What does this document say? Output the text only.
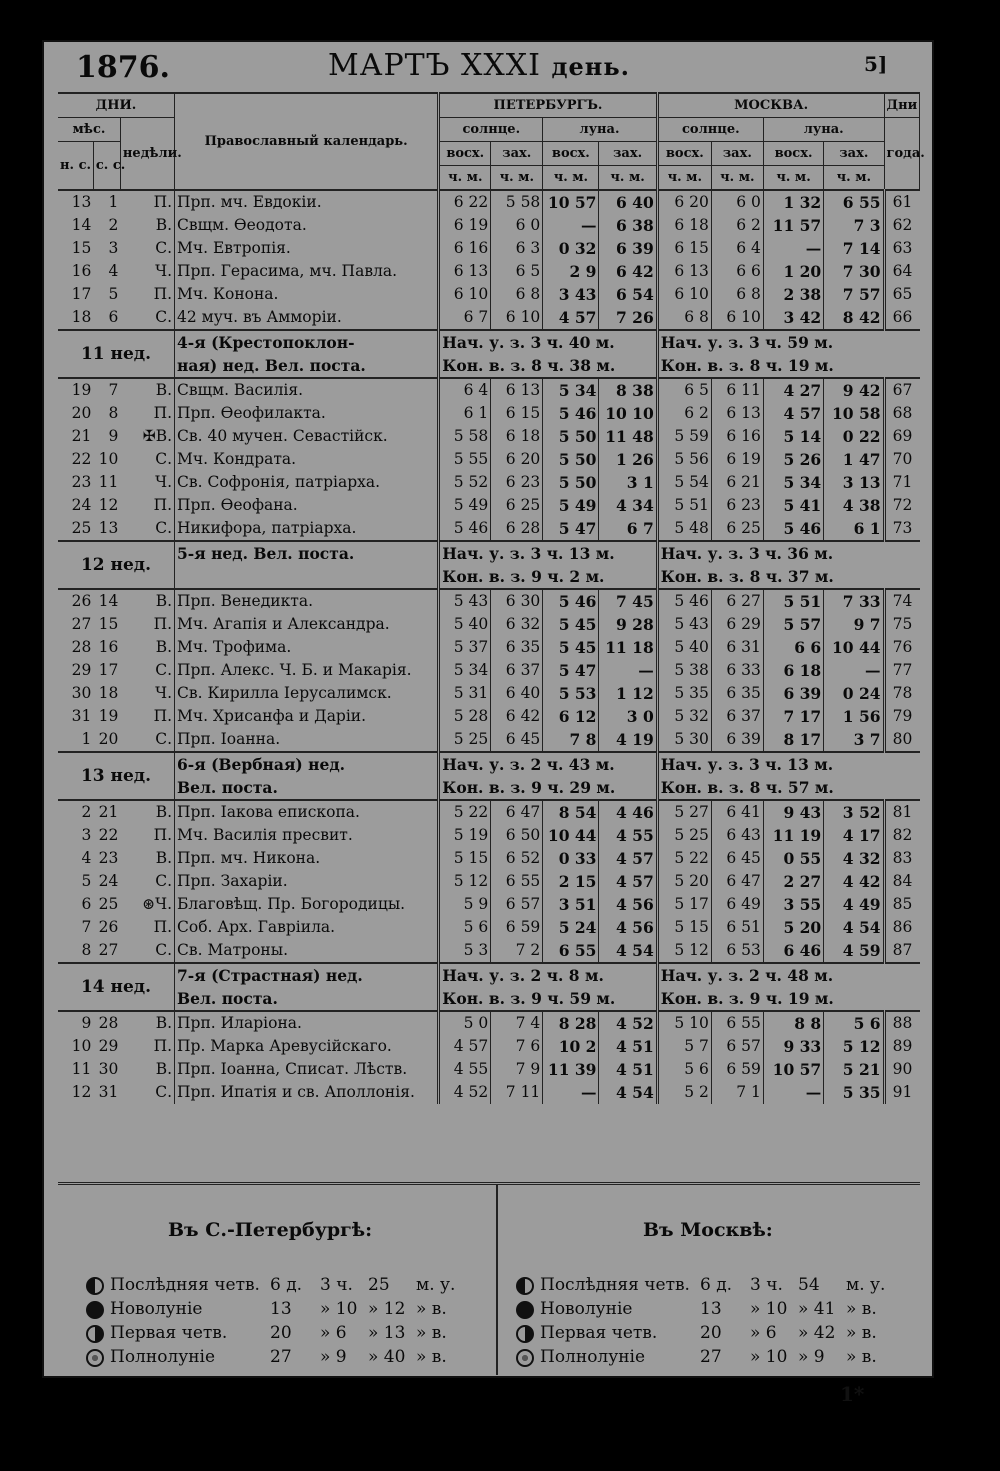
1876.	МАРТЪ XXXI день.	5]
ДНИ.			Православный календарь.	ПЕТЕРБУРГЪ.				МОСКВА.				Дни
мѣс.		недѣли.		солнце.		луна.		солнце.		луна.		года.
н. с.	с. с.			восх.	зах.	восх.	зах.	восх.	зах.	восх.	зах.	
				ч. м.	ч. м.	ч. м.	ч. м.	ч. м.	ч. м.	ч. м.	ч. м.	
13	1	П.	Прп. мч. Евдокiи.	6 22	5 58	10 57	6 40	6 20	6 0	1 32	6 55	61
14	2	В.	Свщм. Ѳеодота.	6 19	6 0	—	6 38	6 18	6 2	11 57	7 3	62
15	3	С.	Мч. Евтропiя.	6 16	6 3	0 32	6 39	6 15	6 4	—	7 14	63
16	4	Ч.	Прп. Герасима, мч. Павла.	6 13	6 5	2 9	6 42	6 13	6 6	1 20	7 30	64
17	5	П.	Мч. Конона.	6 10	6 8	3 43	6 54	6 10	6 8	2 38	7 57	65
18	6	С.	42 муч. въ Амморiи.	6 7	6 10	4 57	7 26	6 8	6 10	3 42	8 42	66
11 нед.			4-я (Крестопоклон-	Нач. у. з. 3 ч. 40 м.				Нач. у. з. 3 ч. 59 м.				
			ная) нед. Вел. поста.	Кон. в. з. 8 ч. 38 м.				Кон. в. з. 8 ч. 19 м.				
19	7	В.	Свщм. Василiя.	6 4	6 13	5 34	8 38	6 5	6 11	4 27	9 42	67
20	8	П.	Прп. Ѳеофилакта.	6 1	6 15	5 46	10 10	6 2	6 13	4 57	10 58	68
21	9	✠В.	Св. 40 мучен. Севастiйск.	5 58	6 18	5 50	11 48	5 59	6 16	5 14	0 22	69
22	10	С.	Мч. Кондрата.	5 55	6 20	5 50	1 26	5 56	6 19	5 26	1 47	70
23	11	Ч.	Св. Софронiя, патрiарха.	5 52	6 23	5 50	3 1	5 54	6 21	5 34	3 13	71
24	12	П.	Прп. Ѳеофана.	5 49	6 25	5 49	4 34	5 51	6 23	5 41	4 38	72
25	13	С.	Никифора, патрiарха.	5 46	6 28	5 47	6 7	5 48	6 25	5 46	6 1	73
12 нед.			5-я нед. Вел. поста.	Нач. у. з. 3 ч. 13 м.				Нач. у. з. 3 ч. 36 м.				
				Кон. в. з. 9 ч. 2 м.				Кон. в. з. 8 ч. 37 м.				
26	14	В.	Прп. Венедикта.	5 43	6 30	5 46	7 45	5 46	6 27	5 51	7 33	74
27	15	П.	Мч. Агапiя и Александра.	5 40	6 32	5 45	9 28	5 43	6 29	5 57	9 7	75
28	16	В.	Мч. Трофима.	5 37	6 35	5 45	11 18	5 40	6 31	6 6	10 44	76
29	17	С.	Прп. Алекс. Ч. Б. и Макарiя.	5 34	6 37	5 47	—	5 38	6 33	6 18	—	77
30	18	Ч.	Св. Кирилла Iерусалимск.	5 31	6 40	5 53	1 12	5 35	6 35	6 39	0 24	78
31	19	П.	Мч. Хрисанфа и Дарiи.	5 28	6 42	6 12	3 0	5 32	6 37	7 17	1 56	79
1	20	С.	Прп. Iоанна.	5 25	6 45	7 8	4 19	5 30	6 39	8 17	3 7	80
13 нед.			6-я (Вербная) нед.	Нач. у. з. 2 ч. 43 м.				Нач. у. з. 3 ч. 13 м.				
			Вел. поста.	Кон. в. з. 9 ч. 29 м.				Кон. в. з. 8 ч. 57 м.				
2	21	В.	Прп. Iакова епископа.	5 22	6 47	8 54	4 46	5 27	6 41	9 43	3 52	81
3	22	П.	Мч. Василiя пресвит.	5 19	6 50	10 44	4 55	5 25	6 43	11 19	4 17	82
4	23	В.	Прп. мч. Никона.	5 15	6 52	0 33	4 57	5 22	6 45	0 55	4 32	83
5	24	С.	Прп. Захарiи.	5 12	6 55	2 15	4 57	5 20	6 47	2 27	4 42	84
6	25	⊛Ч.	Благовѣщ. Пр. Богородицы.	5 9	6 57	3 51	4 56	5 17	6 49	3 55	4 49	85
7	26	П.	Соб. Арх. Гаврiила.	5 6	6 59	5 24	4 56	5 15	6 51	5 20	4 54	86
8	27	С.	Св. Матроны.	5 3	7 2	6 55	4 54	5 12	6 53	6 46	4 59	87
14 нед.			7-я (Страстная) нед.	Нач. у. з. 2 ч. 8 м.				Нач. у. з. 2 ч. 48 м.				
			Вел. поста.	Кон. в. з. 9 ч. 59 м.				Кон. в. з. 9 ч. 19 м.				
9	28	В.	Прп. Иларiона.	5 0	7 4	8 28	4 52	5 10	6 55	8 8	5 6	88
10	29	П.	Пр. Марка Аревусiйскаго.	4 57	7 6	10 2	4 51	5 7	6 57	9 33	5 12	89
11	30	В.	Прп. Iоанна, Списат. Лѣств.	4 55	7 9	11 39	4 51	5 6	6 59	10 57	5 21	90
12	31	С.	Прп. Ипатiя и св. Аполлонiя.	4 52	7 11	—	4 54	5 2	7 1	—	5 35	91
Въ С.-Петербургѣ:	Въ Москвѣ:
Послѣдняя четв. 6 д. 3 ч. 25 м. у.
Новолунiе	13 » 10 » 12 » в.
Первая четв.	20 » 6 » 13 » в.
Полнолунiе	27 » 9 » 40 » в.
Послѣдняя четв. 6 д. 3 ч. 54 м. у.
Новолунiе	13 » 10 » 41 » в.
Первая четв.	20 » 6 » 42 » в.
Полнолунiе	27 » 10 » 9 » в.
1*
